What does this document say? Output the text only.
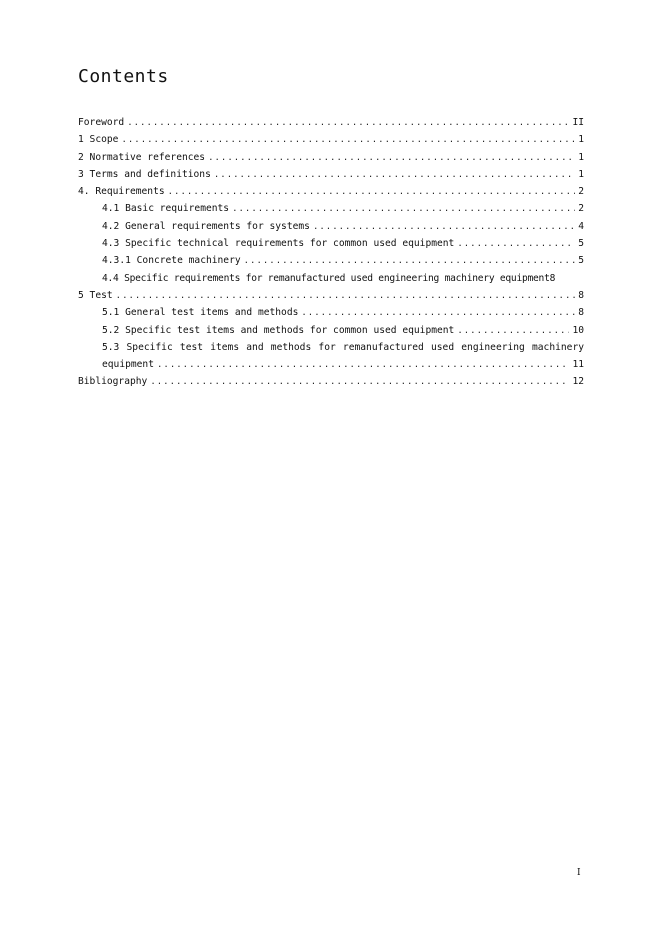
Contents
Foreword .....	II
1 Scope .....	1
2 Normative references .....	1
3 Terms and definitions .....	1
4. Requirements .....	2
4.1 Basic requirements .....	2
4.2 General requirements for systems .....	4
4.3 Specific technical requirements for common used equipment .....	5
4.3.1 Concrete machinery .....	5
4.4 Specific requirements for remanufactured used engineering machinery equipment 8
5 Test .....	8
5.1 General test items and methods .....	8
5.2 Specific test items and methods for common used equipment .....	10
5.3 Specific test items and methods for remanufactured used engineering machinery
equipment .....	11
Bibliography .....	12
I
